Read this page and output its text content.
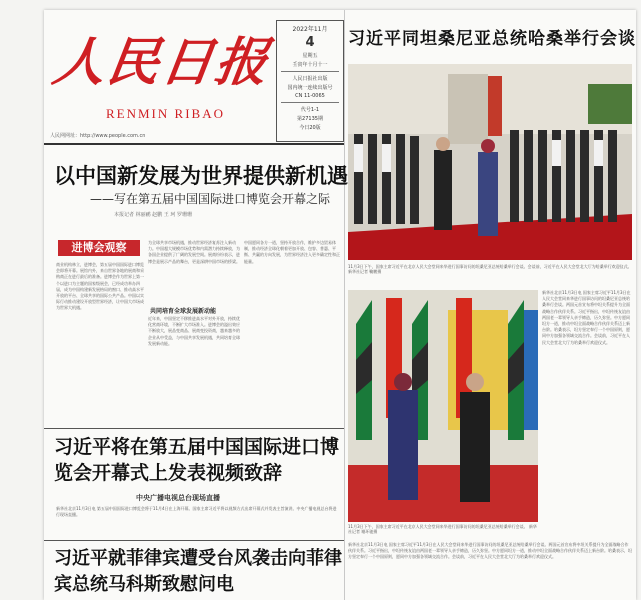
人民日报
RENMIN RIBAO
人民网网址：http://www.people.com.cn
2022年11月
4
星期五
壬寅年十月十一
人民日报社出版
国内统一连续出版号
CN 11-0065
代号1-1
第27135期
今日20版
习近平同坦桑尼亚总统哈桑举行会谈
11月3日下午，国家主席习近平在北京人民大会堂同来华进行国事访问的坦桑尼亚总统哈桑举行会谈。会谈前，习近平在人民大会堂北大厅为哈桑举行欢迎仪式。 新华社记者 鞠鹏摄
11月3日下午，国家主席习近平在北京人民大会堂同来华进行国事访问的坦桑尼亚总统哈桑举行会谈。 新华社记者 谢环驰摄
新华社北京11月3日电 国家主席习近平11月3日在人民大会堂同来华进行国事访问的坦桑尼亚总统哈桑举行会谈。两国元首宣布将中坦关系提升为全面战略合作伙伴关系。习近平指出，中坦传统友谊由两国老一辈领导人亲手缔造，历久弥坚。中方愿同坦方一道，推动中坦全面战略合作伙伴关系迈上新台阶。哈桑表示，坦方坚定奉行一个中国原则，愿同中方加强各领域交流合作。会谈前，习近平在人民大会堂北大厅为哈桑举行欢迎仪式。
新华社北京11月3日电 国家主席习近平11月3日在人民大会堂同来华进行国事访问的坦桑尼亚总统哈桑举行会谈。两国元首宣布将中坦关系提升为全面战略合作伙伴关系。习近平指出，中坦传统友谊由两国老一辈领导人亲手缔造，历久弥坚。中方愿同坦方一道，推动中坦全面战略合作伙伴关系迈上新台阶。哈桑表示，坦方坚定奉行一个中国原则，愿同中方加强各领域交流合作。会谈前，习近平在人民大会堂北大厅为哈桑举行欢迎仪式。
以中国新发展为世界提供新机遇
——写在第五届中国国际进口博览会开幕之际
本报记者 林丽鹂 赵鹏 王 珂 罗珊珊
进博会观察
商业机构林立，进博会，第五届中国国际进口博览会即将开幕。展馆内外，来自世界各地的展商和采购商正在进行最后的准备。进博会作为世界上第一个以进口为主题的国家级展会，已经成功举办四届，成为中国构建新发展格局的窗口、推动高水平开放的平台、全球共享的国际公共产品。中国以实际行动推动建设开放型世界经济，让中国大市场成为世界大机遇。
为全球共享市场机遇，推动世界经济复苏注入新动力。中国超大规模市场优势和内需潜力持续释放，为各国企业提供了广阔的发展空间。展商纷纷表示，进博会是展示产品的舞台，更是深耕中国市场的桥梁。
共同培育全球发展新动能
近年来，中国坚定不移推进高水平对外开放，持续优化营商环境，不断扩大市场准入。进博会的溢出效应不断放大，展品变商品、展商变投资商，越来越多的企业从中受益，与中国共享发展机遇，共同培育全球发展新动能。
中国愿同各方一道，坚持开放合作，维护多边贸易体制，推动经济全球化朝着更加开放、包容、普惠、平衡、共赢的方向发展，为世界经济注入更多确定性和正能量。
习近平将在第五届中国国际进口博览会开幕式上发表视频致辞
中央广播电视总台现场直播
新华社北京11月3日电 第五届中国国际进口博览会将于11月4日在上海开幕。国家主席习近平将以视频方式出席开幕式并发表主旨演讲。中央广播电视总台将进行现场直播。
习近平就菲律宾遭受台风袭击向菲律宾总统马科斯致慰问电
